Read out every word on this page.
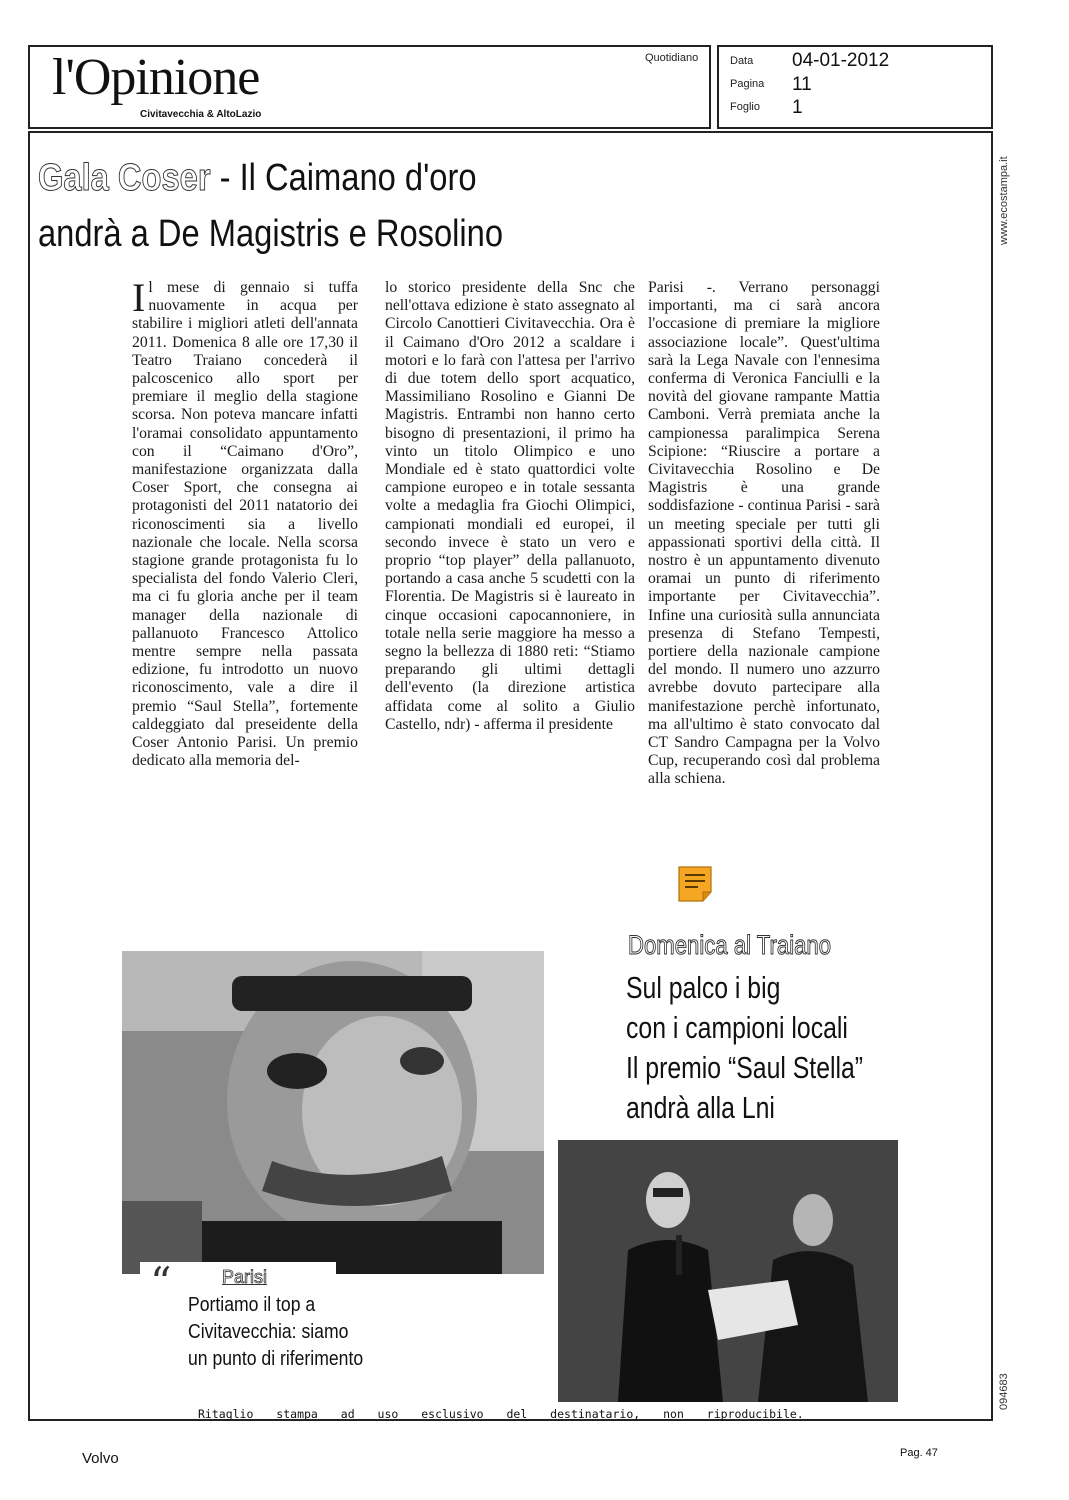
l'Opinione
Civitavecchia & AltoLazio
Quotidiano	Data 04-01-2012
Pagina 11
Foglio 1
www.ecostampa.it
094683
Gala Coser - Il Caimano d'oro
andrà a De Magistris e Rosolino
Il mese di gennaio si tuffa nuovamente in acqua per stabilire i migliori atleti dell'annata 2011. Domenica 8 alle ore 17,30 il Teatro Traiano concederà il palcoscenico allo sport per premiare il meglio della stagione scorsa. Non poteva mancare infatti l'oramai consolidato appuntamento con il “Caimano d'Oro”, manifestazione organizzata dalla Coser Sport, che consegna ai protagonisti del 2011 natatorio dei riconoscimenti sia a livello nazionale che locale. Nella scorsa stagione grande protagonista fu lo specialista del fondo Valerio Cleri, ma ci fu gloria anche per il team manager della nazionale di pallanuoto Francesco Attolico mentre sempre nella passata edizione, fu introdotto un nuovo riconoscimento, vale a dire il premio “Saul Stella”, fortemente caldeggiato dal preseidente della Coser Antonio Parisi. Un premio dedicato alla memoria del-
lo storico presidente della Snc che nell'ottava edizione è stato assegnato al Circolo Canottieri Civitavecchia. Ora è il Caimano d'Oro 2012 a scaldare i motori e lo farà con l'attesa per l'arrivo di due totem dello sport acquatico, Massimiliano Rosolino e Gianni De Magistris. Entrambi non hanno certo bisogno di presentazioni, il primo ha vinto un titolo Olimpico e uno Mondiale ed è stato quattordici volte campione europeo e in totale sessanta volte a medaglia fra Giochi Olimpici, campionati mondiali ed europei, il secondo invece è stato un vero e proprio “top player” della pallanuoto, portando a casa anche 5 scudetti con la Florentia. De Magistris si è laureato in cinque occasioni capocannoniere, in totale nella serie maggiore ha messo a segno la bellezza di 1880 reti: “Stiamo preparando gli ultimi dettagli dell'evento (la direzione artistica affidata come al solito a Giulio Castello, ndr) - afferma il presidente
Parisi -. Verrano personaggi importanti, ma ci sarà ancora l'occasione di premiare la migliore associazione locale”. Quest'ultima sarà la Lega Navale con l'ennesima conferma di Veronica Fanciulli e la novità del giovane rampante Mattia Camboni. Verrà premiata anche la campionessa paralimpica Serena Scipione: “Riuscire a portare a Civitavecchia Rosolino e De Magistris è una grande soddisfazione - continua Parisi - sarà un meeting speciale per tutti gli appassionati sportivi della città. Il nostro è un appuntamento divenuto oramai un punto di riferimento importante per Civitavecchia”. Infine una curiosità sulla annunciata presenza di Stefano Tempesti, portiere della nazionale campione del mondo. Il numero uno azzurro avrebbe dovuto partecipare alla manifestazione perchè infortunato, ma all'ultimo è stato convocato dal CT Sandro Campagna per la Volvo Cup, recuperando così dal problema alla schiena.
“	Parisi
Portiamo il top a Civitavecchia: siamo un punto di riferimento
Domenica al Traiano
Sul palco i big
con i campioni locali
Il premio “Saul Stella”
andrà alla Lni
Ritaglio stampa ad uso esclusivo del destinatario, non riproducibile.
Volvo	Pag. 47
